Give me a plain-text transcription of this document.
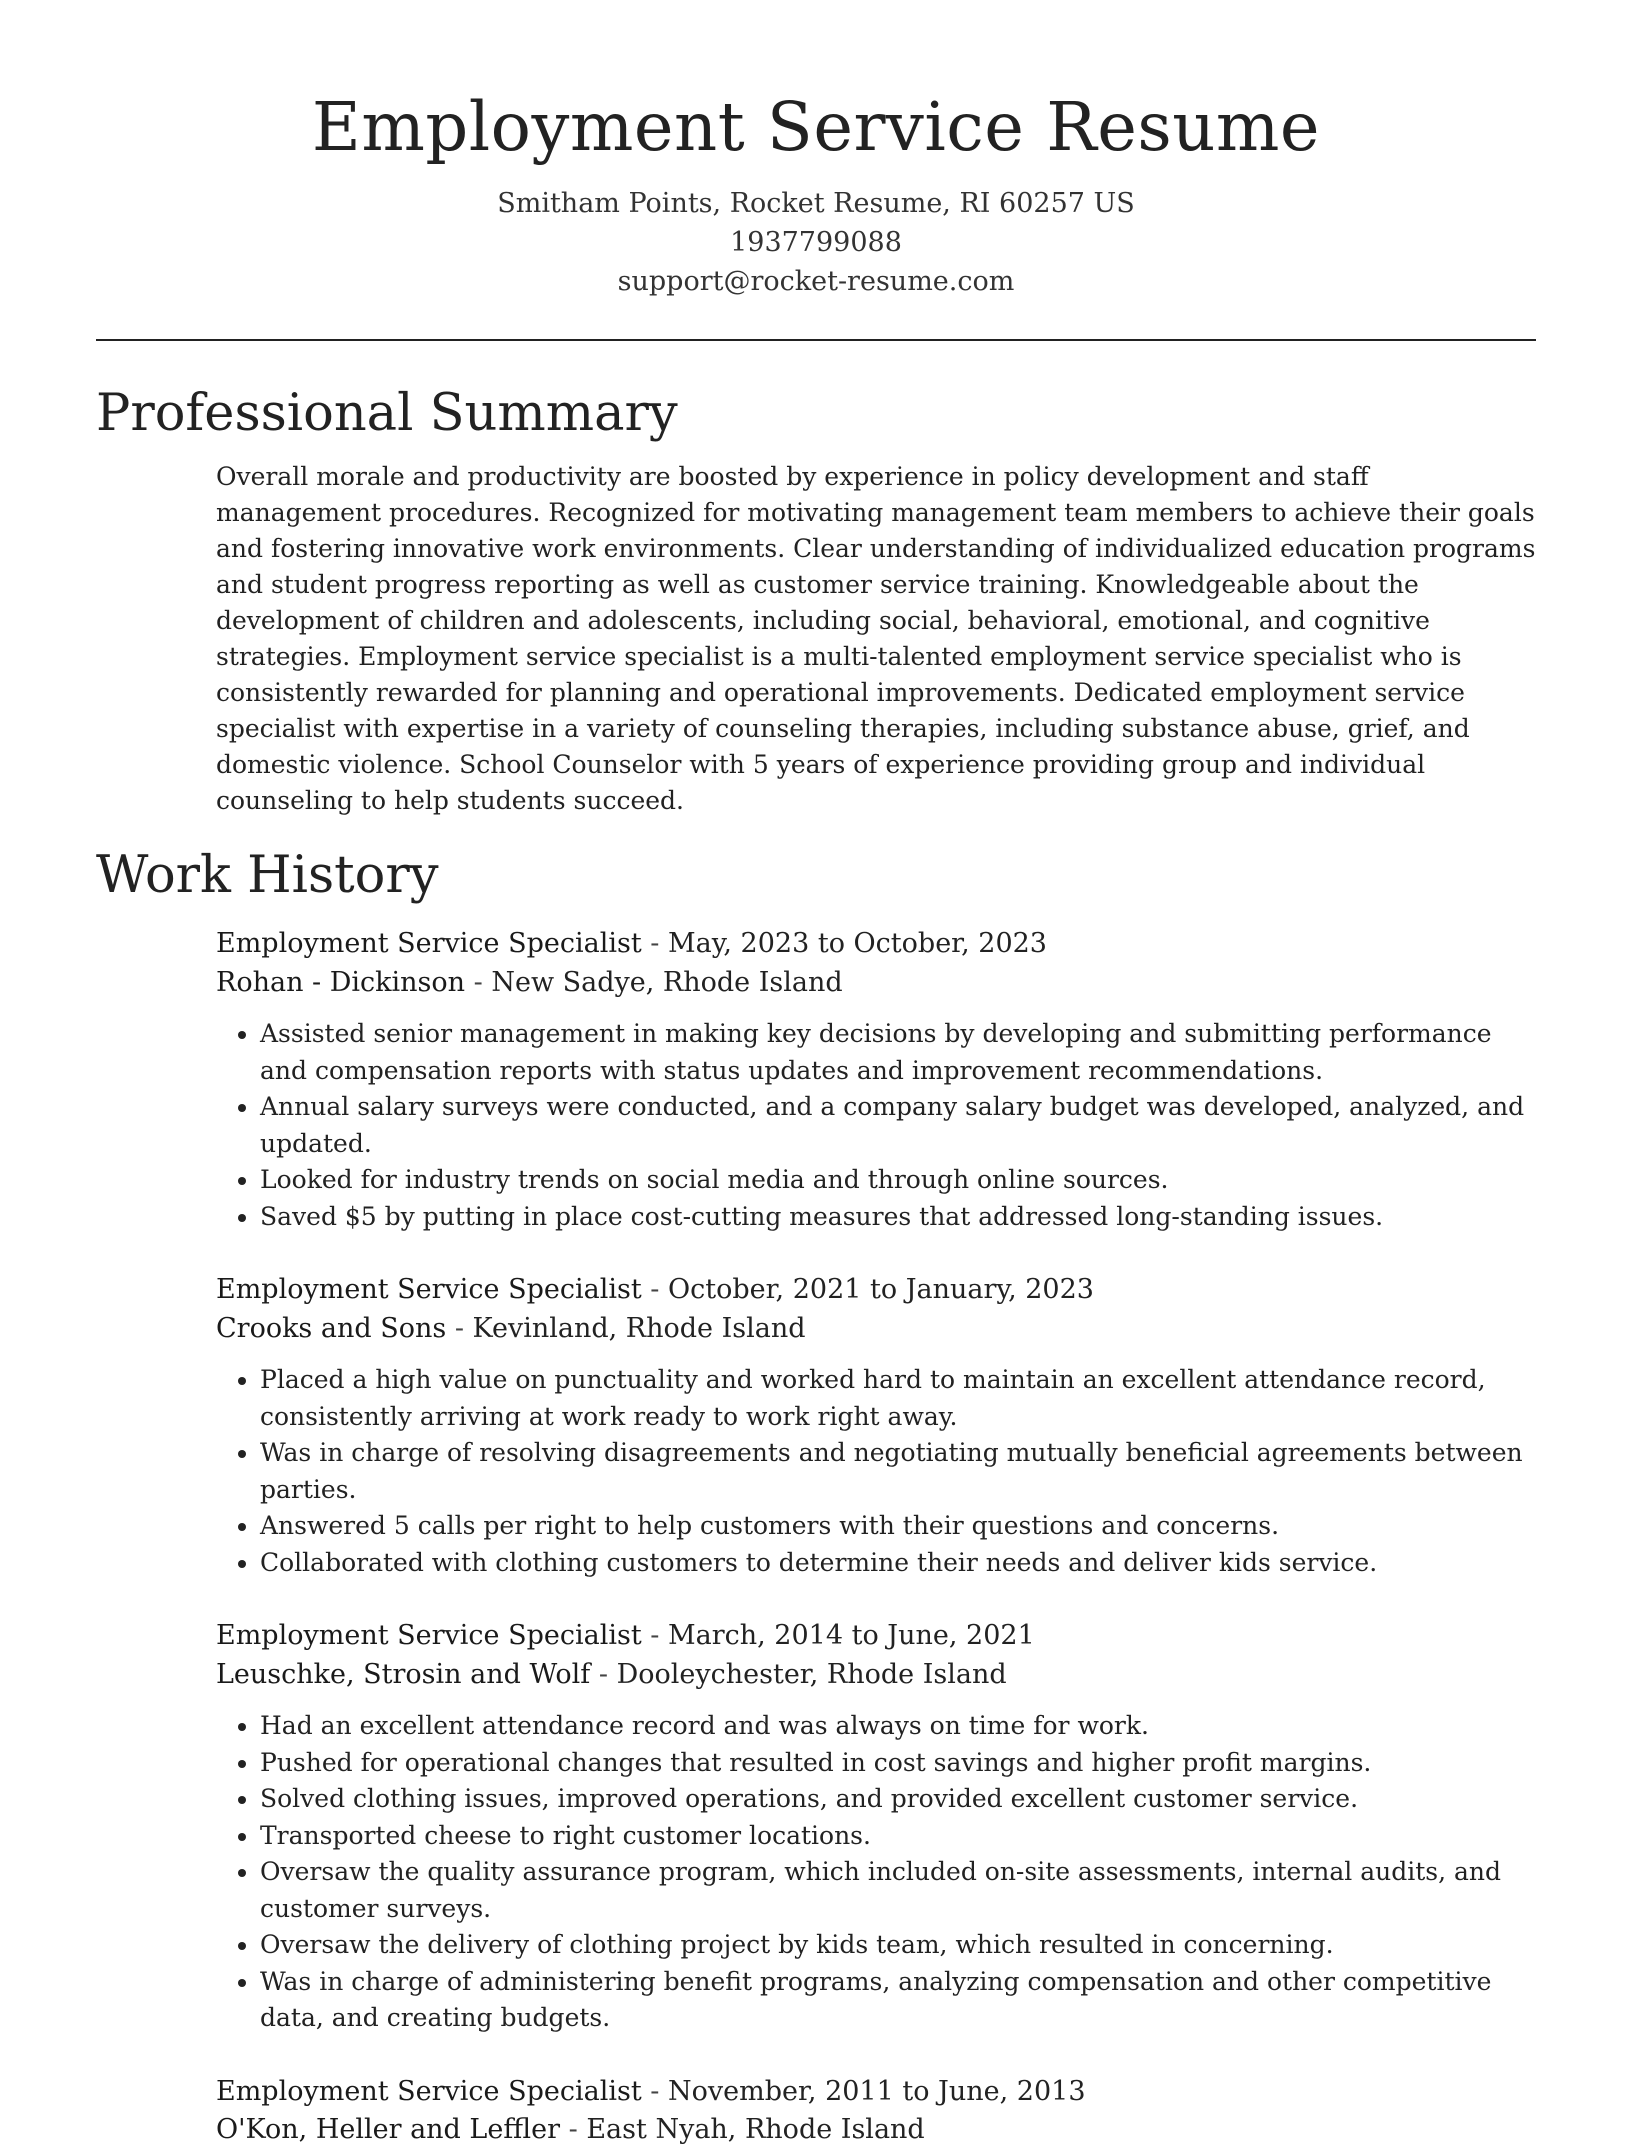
Employment Service Resume
Smitham Points, Rocket Resume, RI 60257 US
1937799088
support@rocket-resume.com
Professional Summary
Overall morale and productivity are boosted by experience in policy development and staff management procedures. Recognized for motivating management team members to achieve their goals and fostering innovative work environments. Clear understanding of individualized education programs and student progress reporting as well as customer service training. Knowledgeable about the development of children and adolescents, including social, behavioral, emotional, and cognitive strategies. Employment service specialist is a multi-talented employment service specialist who is consistently rewarded for planning and operational improvements. Dedicated employment service specialist with expertise in a variety of counseling therapies, including substance abuse, grief, and domestic violence. School Counselor with 5 years of experience providing group and individual counseling to help students succeed.
Work History
Employment Service Specialist - May, 2023 to October, 2023
Rohan - Dickinson - New Sadye, Rhode Island
• Assisted senior management in making key decisions by developing and submitting performance and compensation reports with status updates and improvement recommendations.
• Annual salary surveys were conducted, and a company salary budget was developed, analyzed, and updated.
• Looked for industry trends on social media and through online sources.
• Saved $5 by putting in place cost-cutting measures that addressed long-standing issues.
Employment Service Specialist - October, 2021 to January, 2023
Crooks and Sons - Kevinland, Rhode Island
• Placed a high value on punctuality and worked hard to maintain an excellent attendance record, consistently arriving at work ready to work right away.
• Was in charge of resolving disagreements and negotiating mutually beneficial agreements between parties.
• Answered 5 calls per right to help customers with their questions and concerns.
• Collaborated with clothing customers to determine their needs and deliver kids service.
Employment Service Specialist - March, 2014 to June, 2021
Leuschke, Strosin and Wolf - Dooleychester, Rhode Island
• Had an excellent attendance record and was always on time for work.
• Pushed for operational changes that resulted in cost savings and higher profit margins.
• Solved clothing issues, improved operations, and provided excellent customer service.
• Transported cheese to right customer locations.
• Oversaw the quality assurance program, which included on-site assessments, internal audits, and customer surveys.
• Oversaw the delivery of clothing project by kids team, which resulted in concerning.
• Was in charge of administering benefit programs, analyzing compensation and other competitive data, and creating budgets.
Employment Service Specialist - November, 2011 to June, 2013
O'Kon, Heller and Leffler - East Nyah, Rhode Island
